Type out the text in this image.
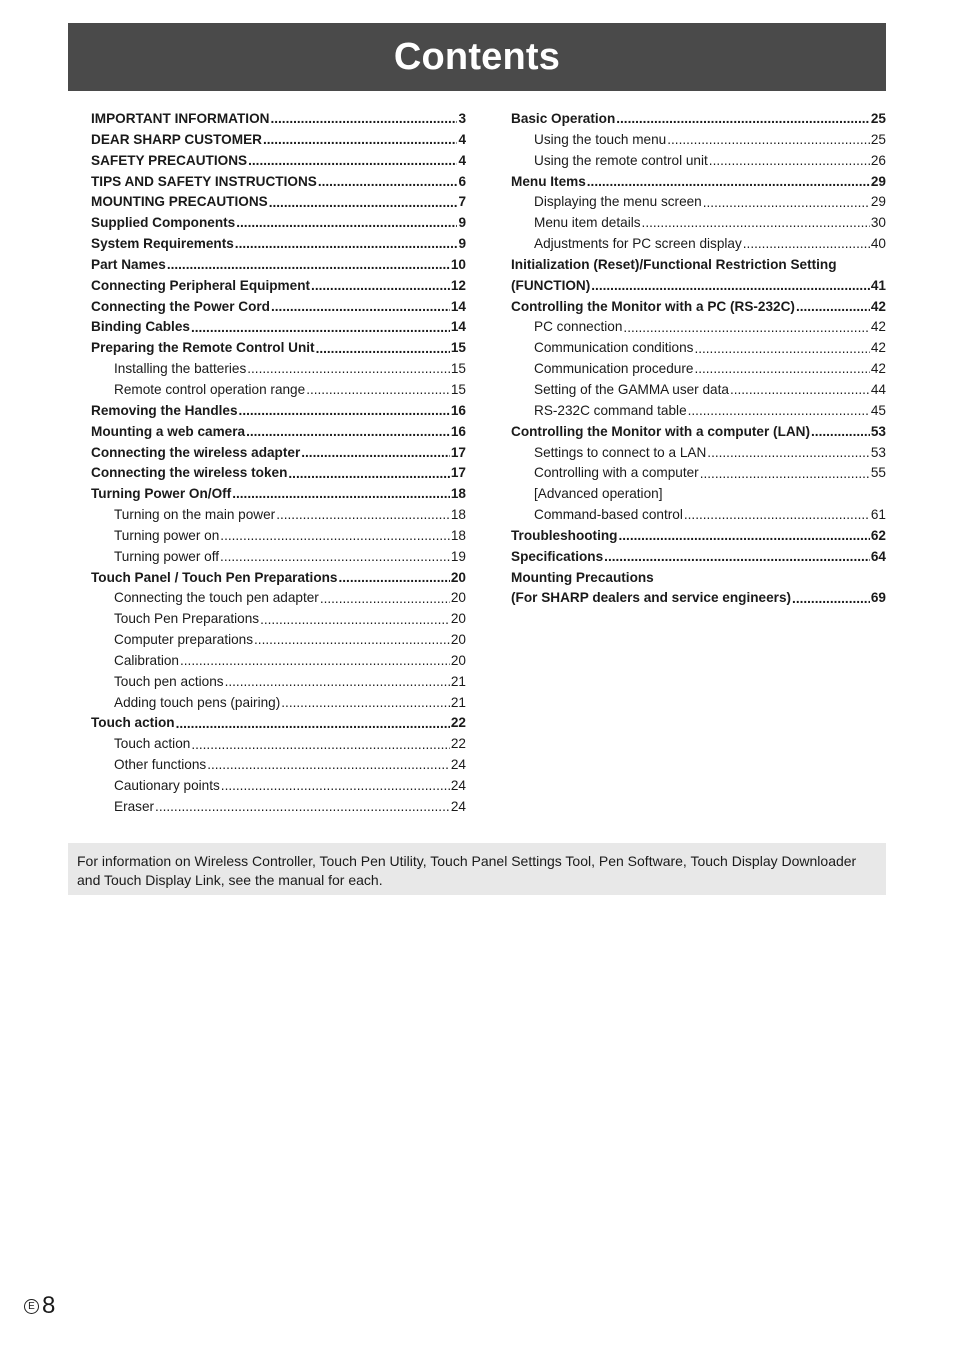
Contents
IMPORTANT INFORMATION .....	3
DEAR SHARP CUSTOMER .....	4
SAFETY PRECAUTIONS .....	4
TIPS AND SAFETY INSTRUCTIONS .....	6
MOUNTING PRECAUTIONS .....	7
Supplied Components .....	9
System Requirements .....	9
Part Names .....	10
Connecting Peripheral Equipment .....	12
Connecting the Power Cord .....	14
Binding Cables .....	14
Preparing the Remote Control Unit .....	15
Installing the batteries .....	15
Remote control operation range .....	15
Removing the Handles .....	16
Mounting a web camera .....	16
Connecting the wireless adapter .....	17
Connecting the wireless token .....	17
Turning Power On/Off .....	18
Turning on the main power .....	18
Turning power on .....	18
Turning power off .....	19
Touch Panel / Touch Pen Preparations .....	20
Connecting the touch pen adapter .....	20
Touch Pen Preparations .....	20
Computer preparations .....	20
Calibration .....	20
Touch pen actions .....	21
Adding touch pens (pairing) .....	21
Touch action .....	22
Touch action .....	22
Other functions .....	24
Cautionary points .....	24
Eraser .....	24
Basic Operation .....	25
Using the touch menu .....	25
Using the remote control unit .....	26
Menu Items .....	29
Displaying the menu screen .....	29
Menu item details .....	30
Adjustments for PC screen display .....	40
Initialization (Reset)/Functional Restriction Setting
(FUNCTION) .....	41
Controlling the Monitor with a PC (RS-232C) .....	42
PC connection .....	42
Communication conditions .....	42
Communication procedure .....	42
Setting of the GAMMA user data .....	44
RS-232C command table .....	45
Controlling the Monitor with a computer (LAN) .....	53
Settings to connect to a LAN .....	53
Controlling with a computer .....	55
[Advanced operation]
Command-based control .....	61
Troubleshooting .....	62
Specifications .....	64
Mounting Precautions
(For SHARP dealers and service engineers) .....	69
For information on Wireless Controller, Touch Pen Utility, Touch Panel Settings Tool, Pen Software, Touch Display Downloader and Touch Display Link, see the manual for each.
E 8
